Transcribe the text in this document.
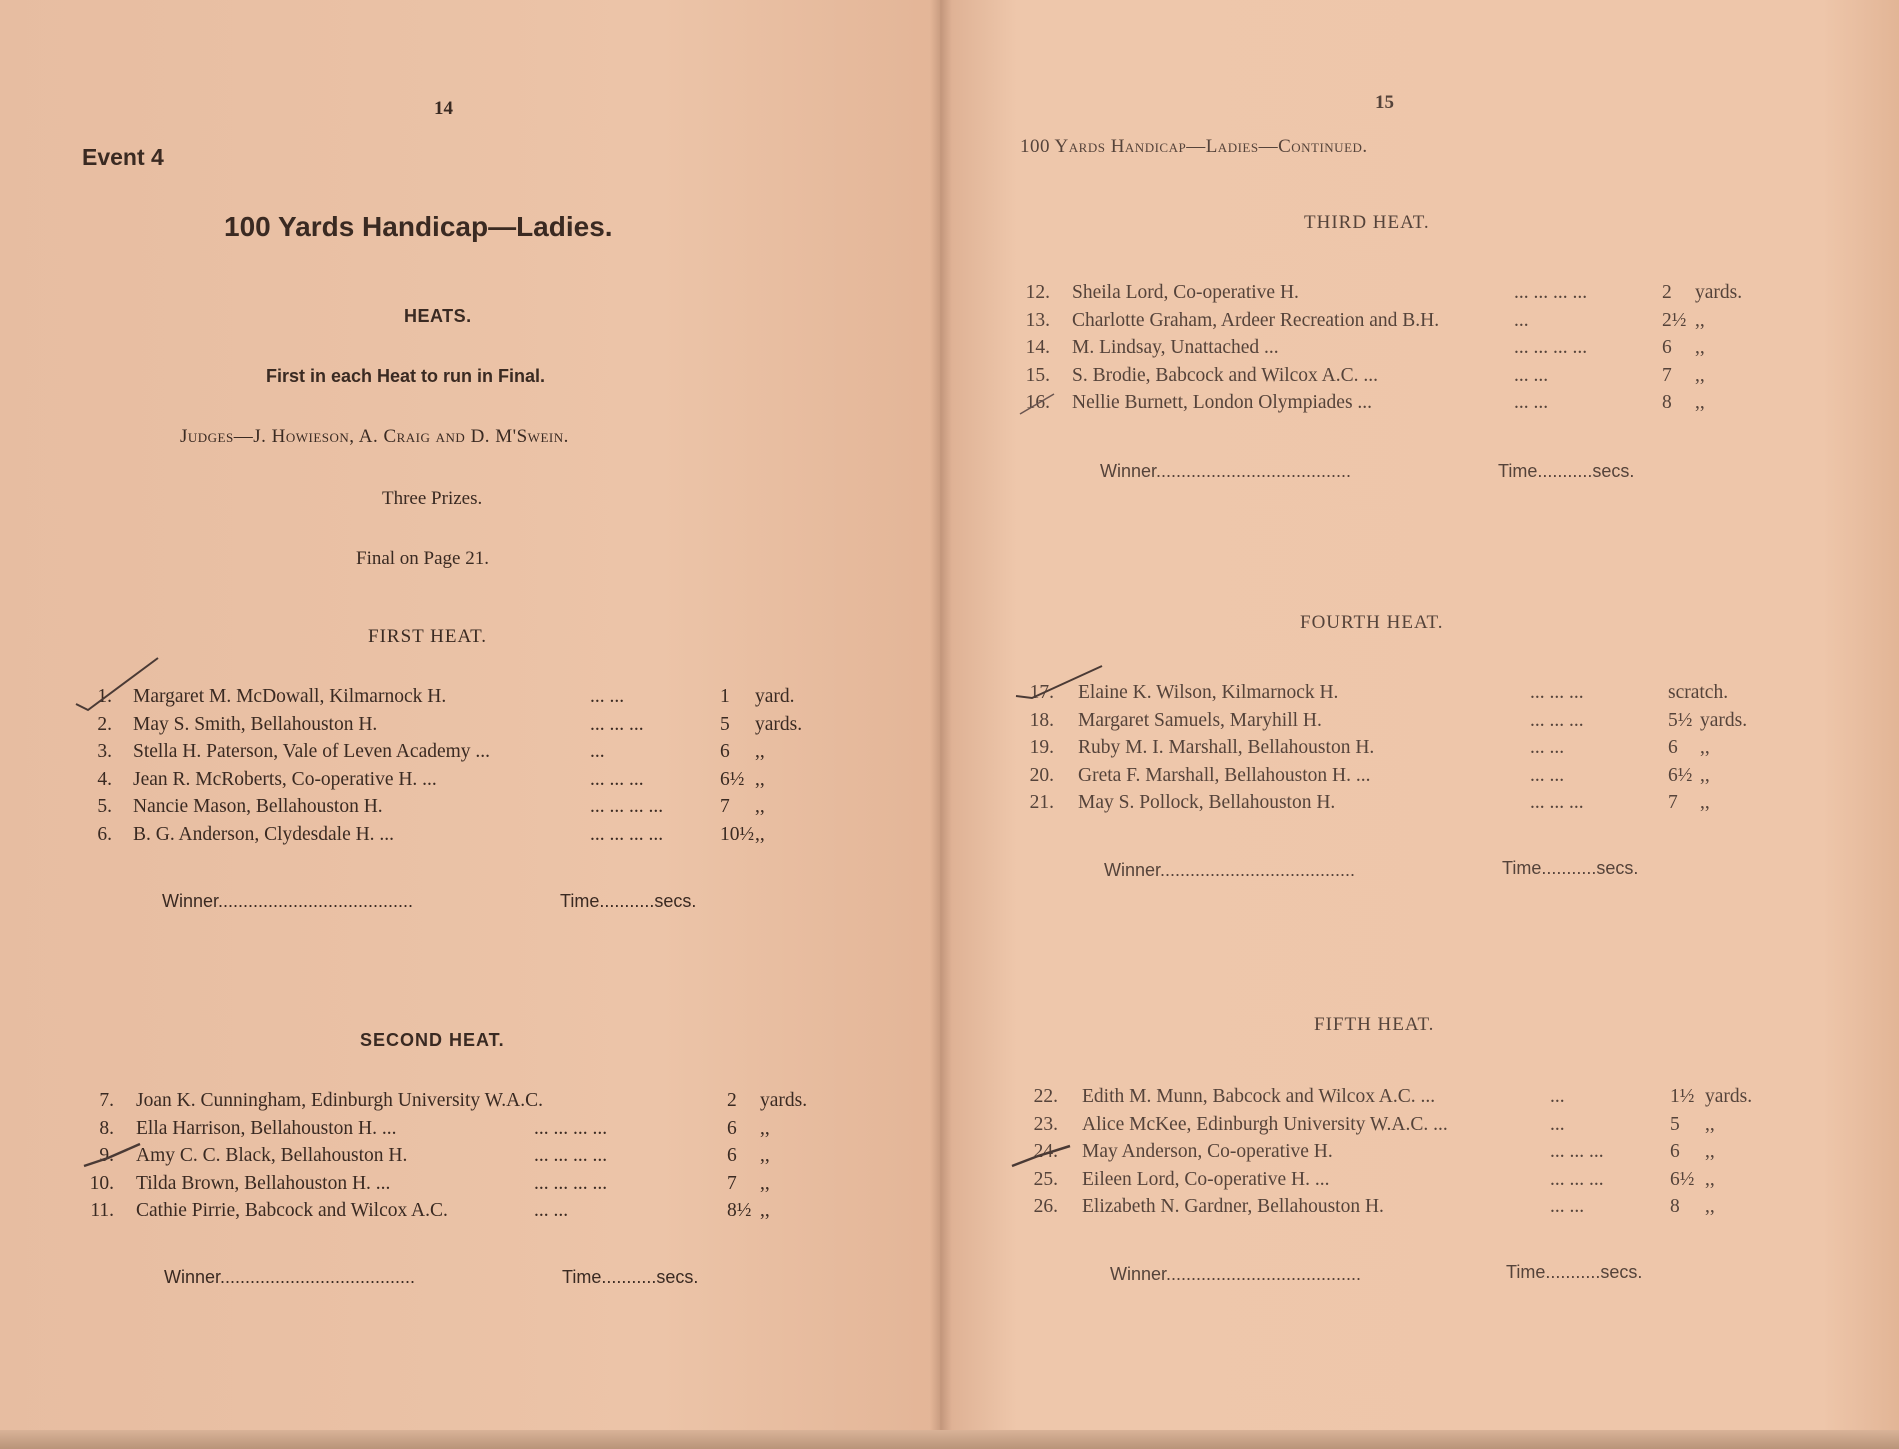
14
Event 4
100 Yards Handicap—Ladies.
HEATS.
First in each Heat to run in Final.
Judges—J. Howieson, A. Craig and D. M'Swein.
Three Prizes.
Final on Page 21.
FIRST HEAT.
1. Margaret M. McDowall, Kilmarnock H.	... ...	1 yard.
2. May S. Smith, Bellahouston H.	... ... ...	5 yards.
3. Stella H. Paterson, Vale of Leven Academy ...	...	6 ,,
4. Jean R. McRoberts, Co-operative H. ...	... ... ...	6½ ,,
5. Nancie Mason, Bellahouston H.	... ... ... ...	7 ,,
6. B. G. Anderson, Clydesdale H. ...	... ... ... ...	10½ ,,
Winner.......................................	Time...........secs.
SECOND HEAT.
7. Joan K. Cunningham, Edinburgh University W.A.C.	2 yards.
8. Ella Harrison, Bellahouston H. ...	... ... ... ...	6 ,,
9. Amy C. C. Black, Bellahouston H.	... ... ... ...	6 ,,
10. Tilda Brown, Bellahouston H. ...	... ... ... ...	7 ,,
11. Cathie Pirrie, Babcock and Wilcox A.C.	... ...	8½ ,,
Winner.......................................	Time...........secs.
15
100 Yards Handicap—Ladies—Continued.
THIRD HEAT.
12. Sheila Lord, Co-operative H.	... ... ... ...	2 yards.
13. Charlotte Graham, Ardeer Recreation and B.H.	...	2½ ,,
14. M. Lindsay, Unattached ...	... ... ... ...	6 ,,
15. S. Brodie, Babcock and Wilcox A.C. ...	... ...	7 ,,
16. Nellie Burnett, London Olympiades ...	... ...	8 ,,
Winner.......................................	Time...........secs.
FOURTH HEAT.
17. Elaine K. Wilson, Kilmarnock H.	... ... ...	scratch.
18. Margaret Samuels, Maryhill H.	... ... ...	5½ yards.
19. Ruby M. I. Marshall, Bellahouston H.	... ...	6 ,,
20. Greta F. Marshall, Bellahouston H. ...	... ...	6½ ,,
21. May S. Pollock, Bellahouston H.	... ... ...	7 ,,
Winner.......................................	Time...........secs.
FIFTH HEAT.
22. Edith M. Munn, Babcock and Wilcox A.C. ...	...	1½ yards.
23. Alice McKee, Edinburgh University W.A.C. ...	...	5 ,,
24. May Anderson, Co-operative H.	... ... ...	6 ,,
25. Eileen Lord, Co-operative H. ...	... ... ...	6½ ,,
26. Elizabeth N. Gardner, Bellahouston H.	... ...	8 ,,
Winner.......................................	Time...........secs.
